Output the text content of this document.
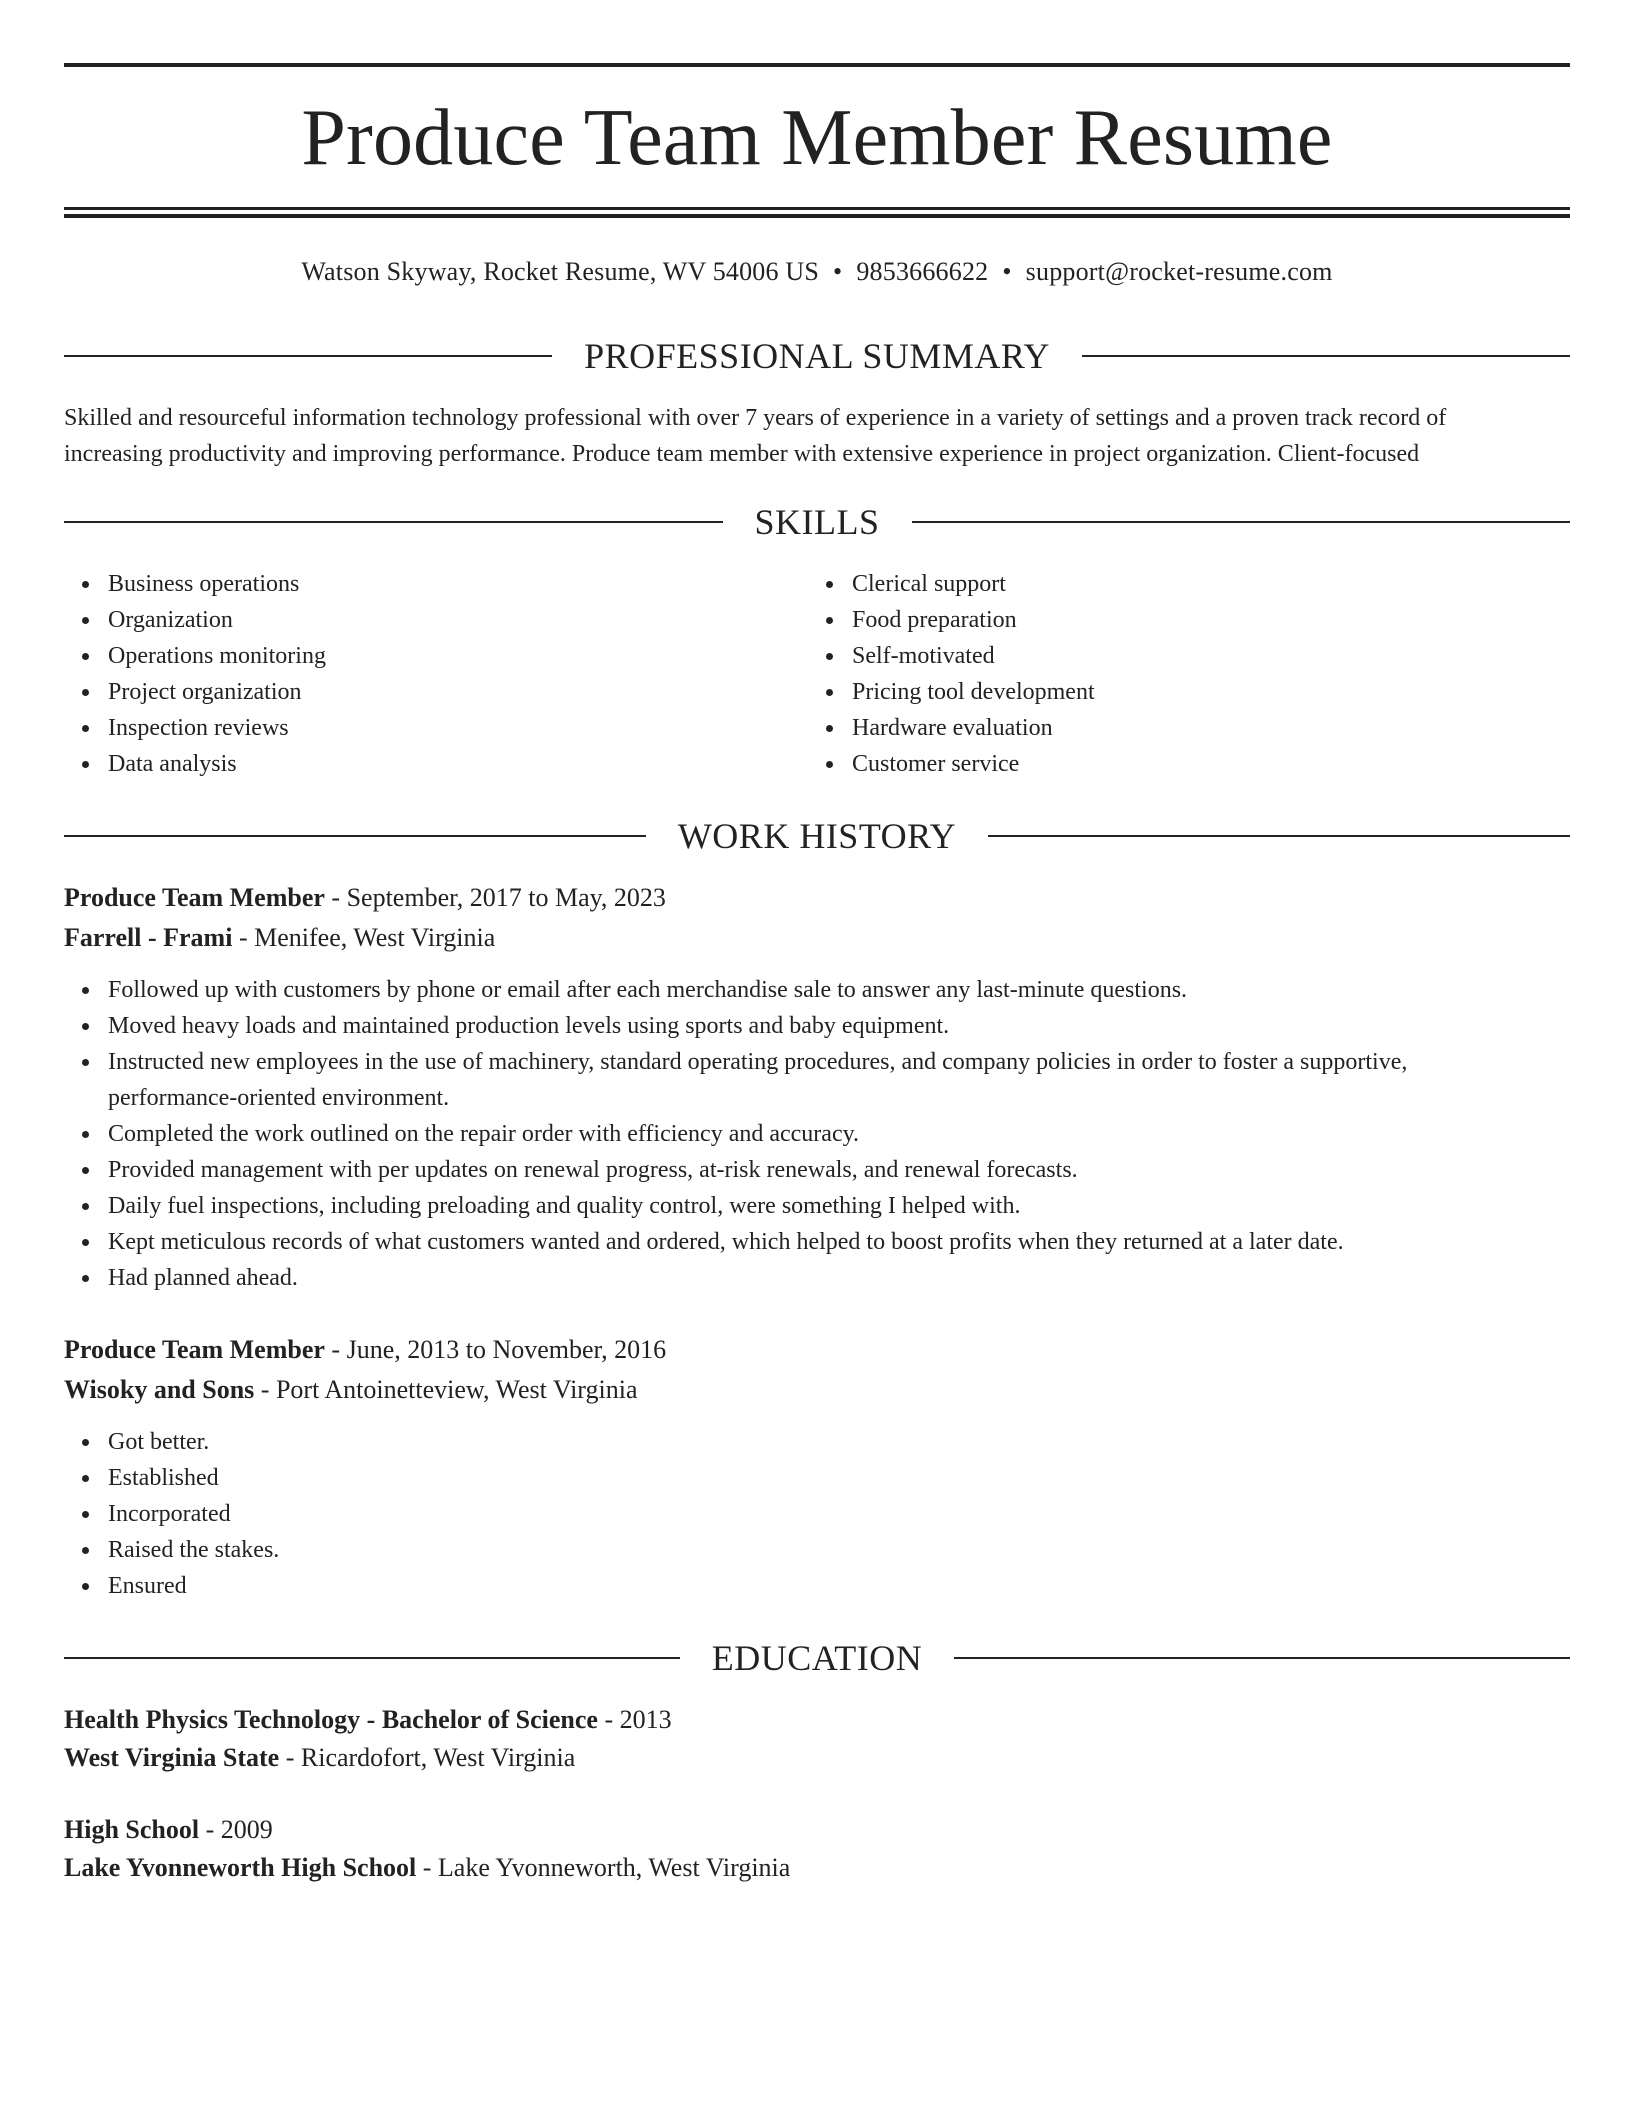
Produce Team Member Resume
Watson Skyway, Rocket Resume, WV 54006 US • 9853666622 • support@rocket-resume.com
PROFESSIONAL SUMMARY
Skilled and resourceful information technology professional with over 7 years of experience in a variety of settings and a proven track record of
increasing productivity and improving performance. Produce team member with extensive experience in project organization. Client-focused
SKILLS
Business operations
Organization
Operations monitoring
Project organization
Inspection reviews
Data analysis
Clerical support
Food preparation
Self-motivated
Pricing tool development
Hardware evaluation
Customer service
WORK HISTORY
Produce Team Member - September, 2017 to May, 2023
Farrell - Frami - Menifee, West Virginia
Followed up with customers by phone or email after each merchandise sale to answer any last-minute questions.
Moved heavy loads and maintained production levels using sports and baby equipment.
Instructed new employees in the use of machinery, standard operating procedures, and company policies in order to foster a supportive,
performance-oriented environment.
Completed the work outlined on the repair order with efficiency and accuracy.
Provided management with per updates on renewal progress, at-risk renewals, and renewal forecasts.
Daily fuel inspections, including preloading and quality control, were something I helped with.
Kept meticulous records of what customers wanted and ordered, which helped to boost profits when they returned at a later date.
Had planned ahead.
Produce Team Member - June, 2013 to November, 2016
Wisoky and Sons - Port Antoinetteview, West Virginia
Got better.
Established
Incorporated
Raised the stakes.
Ensured
EDUCATION
Health Physics Technology - Bachelor of Science - 2013
West Virginia State - Ricardofort, West Virginia
High School - 2009
Lake Yvonneworth High School - Lake Yvonneworth, West Virginia
